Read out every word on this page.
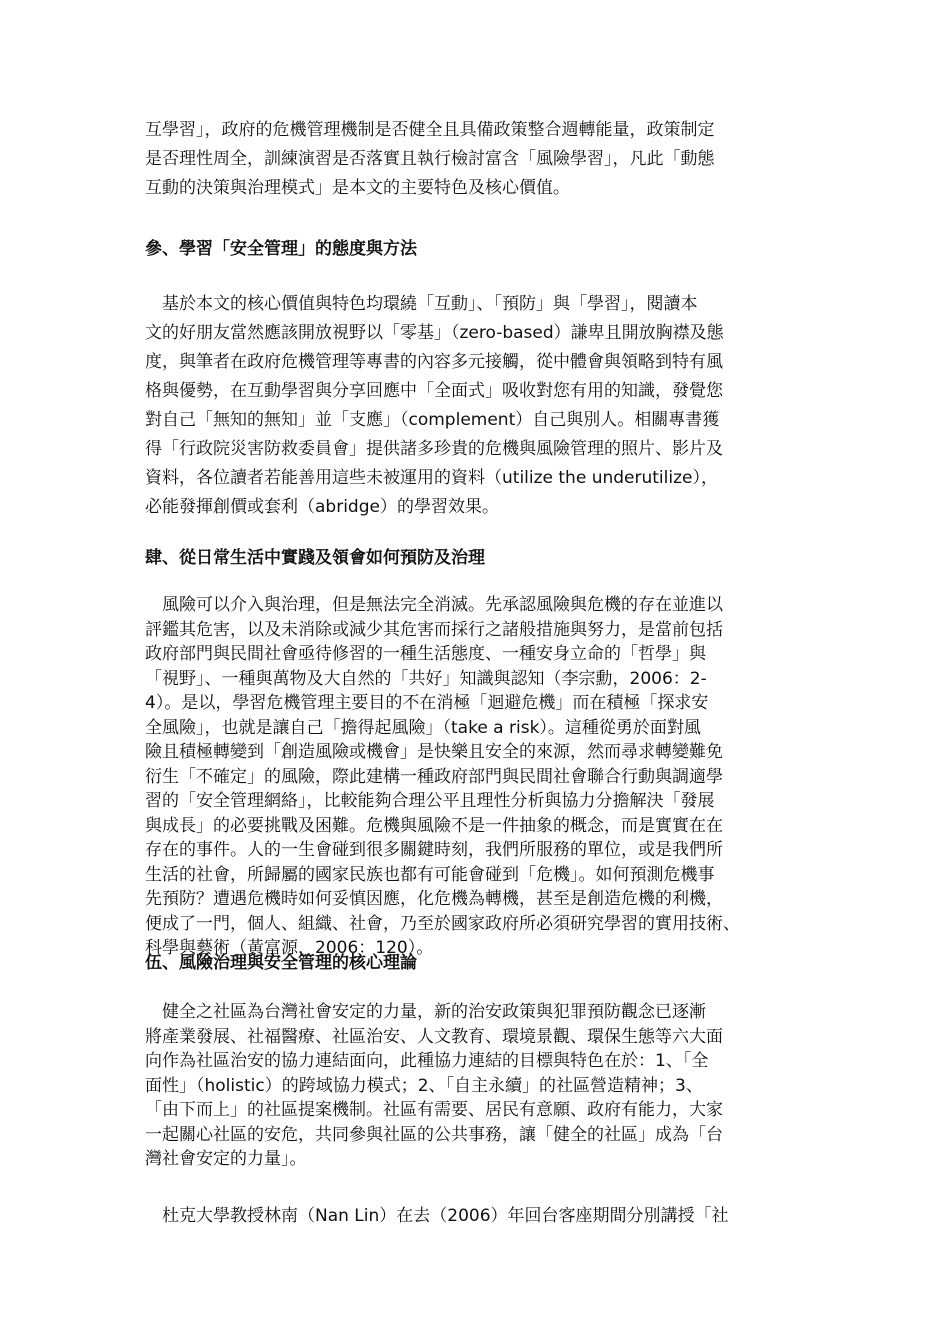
互學習」，政府的危機管理機制是否健全且具備政策整合週轉能量，政策制定
是否理性周全，訓練演習是否落實且執行檢討富含「風險學習」，凡此「動態
互動的決策與治理模式」是本文的主要特色及核心價值。

參、學習「安全管理」的態度與方法

　基於本文的核心價值與特色均環繞「互動」、「預防」與「學習」，閱讀本
文的好朋友當然應該開放視野以「零基」（zero-based）謙卑且開放胸襟及態
度，與筆者在政府危機管理等專書的內容多元接觸，從中體會與領略到特有風
格與優勢，在互動學習與分享回應中「全面式」吸收對您有用的知識，發覺您
對自己「無知的無知」並「支應」（complement）自己與別人。相關專書獲
得「行政院災害防救委員會」提供諸多珍貴的危機與風險管理的照片、影片及
資料，各位讀者若能善用這些未被運用的資料（utilize the underutilize），
必能發揮創價或套利（abridge）的學習效果。

肆、從日常生活中實踐及領會如何預防及治理

　風險可以介入與治理，但是無法完全消滅。先承認風險與危機的存在並進以
評鑑其危害，以及未消除或減少其危害而採行之諸般措施與努力，是當前包括
政府部門與民間社會亟待修習的一種生活態度、一種安身立命的「哲學」與
「視野」、一種與萬物及大自然的「共好」知識與認知（李宗勳，2006：2-
4）。是以，學習危機管理主要目的不在消極「迴避危機」而在積極「探求安
全風險」，也就是讓自己「擔得起風險」（take a risk）。這種從勇於面對風
險且積極轉變到「創造風險或機會」是快樂且安全的來源，然而尋求轉變難免
衍生「不確定」的風險，際此建構一種政府部門與民間社會聯合行動與調適學
習的「安全管理網絡」，比較能夠合理公平且理性分析與協力分擔解決「發展
與成長」的必要挑戰及困難。危機與風險不是一件抽象的概念，而是實實在在
存在的事件。人的一生會碰到很多關鍵時刻，我們所服務的單位，或是我們所
生活的社會，所歸屬的國家民族也都有可能會碰到「危機」。如何預測危機事
先預防？遭遇危機時如何妥慎因應，化危機為轉機，甚至是創造危機的利機，
便成了一門，個人、組織、社會，乃至於國家政府所必須研究學習的實用技術、
科學與藝術（黃富源，2006：120）。

伍、風險治理與安全管理的核心理論

　健全之社區為台灣社會安定的力量，新的治安政策與犯罪預防觀念已逐漸
將產業發展、社福醫療、社區治安、人文教育、環境景觀、環保生態等六大面
向作為社區治安的協力連結面向，此種協力連結的目標與特色在於：1、「全
面性」（holistic）的跨域協力模式；2、「自主永續」的社區營造精神；3、
「由下而上」的社區提案機制。社區有需要、居民有意願、政府有能力，大家
一起關心社區的安危，共同參與社區的公共事務，讓「健全的社區」成為「台
灣社會安定的力量」。

　杜克大學教授林南（Nan Lin）在去（2006）年回台客座期間分別講授「社
